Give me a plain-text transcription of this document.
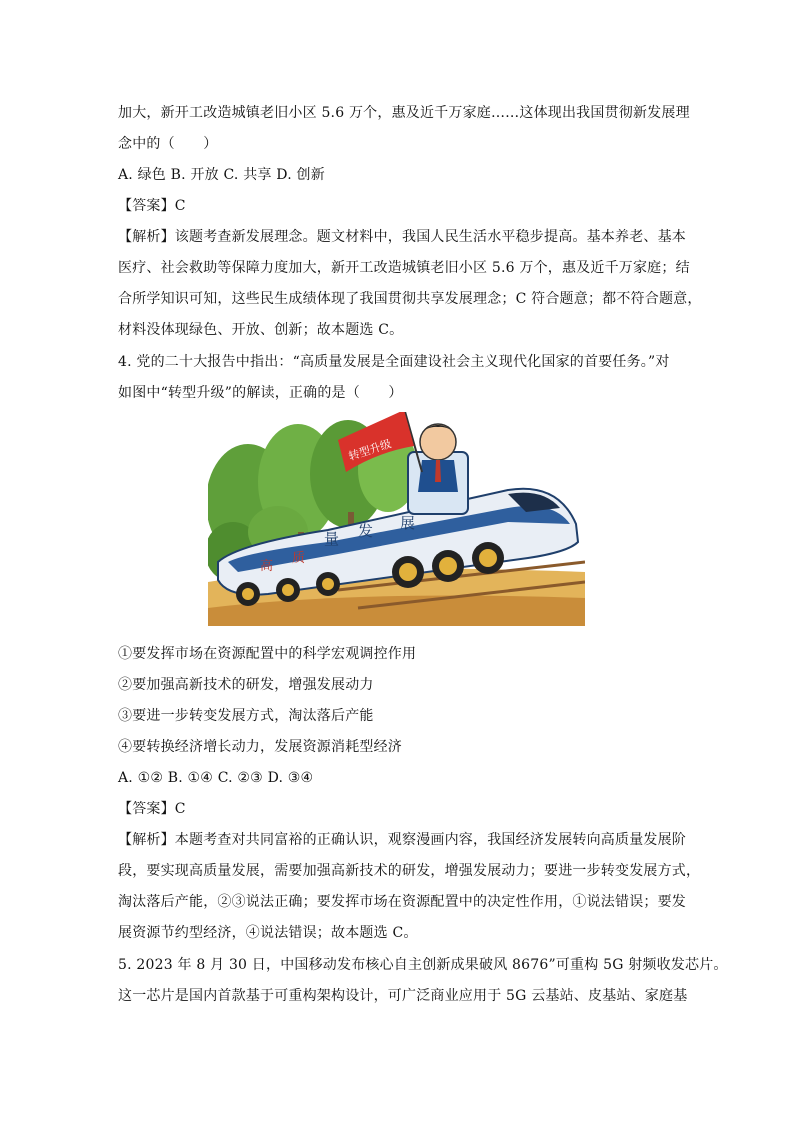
加大，新开工改造城镇老旧小区 5.6 万个，惠及近千万家庭……这体现出我国贯彻新发展理
念中的（　　）
A. 绿色 B. 开放 C. 共享 D. 创新
【答案】C
【解析】该题考查新发展理念。题文材料中，我国人民生活水平稳步提高。基本养老、基本
医疗、社会救助等保障力度加大，新开工改造城镇老旧小区 5.6 万个，惠及近千万家庭；结
合所学知识可知，这些民生成绩体现了我国贯彻共享发展理念；C 符合题意；都不符合题意，
材料没体现绿色、开放、创新；故本题选 C。
4. 党的二十大报告中指出：“高质量发展是全面建设社会主义现代化国家的首要任务。”对
如图中“转型升级”的解读，正确的是（　　）
转型升级
高
质
量 发 展
①要发挥市场在资源配置中的科学宏观调控作用
②要加强高新技术的研发，增强发展动力
③要进一步转变发展方式，淘汰落后产能
④要转换经济增长动力，发展资源消耗型经济
A. ①② B. ①④ C. ②③ D. ③④
【答案】C
【解析】本题考查对共同富裕的正确认识，观察漫画内容，我国经济发展转向高质量发展阶
段，要实现高质量发展，需要加强高新技术的研发，增强发展动力；要进一步转变发展方式，
淘汰落后产能，②③说法正确；要发挥市场在资源配置中的决定性作用，①说法错误；要发
展资源节约型经济，④说法错误；故本题选 C。
5. 2023 年 8 月 30 日，中国移动发布核心自主创新成果破风 8676”可重构 5G 射频收发芯片。
这一芯片是国内首款基于可重构架构设计，可广泛商业应用于 5G 云基站、皮基站、家庭基
